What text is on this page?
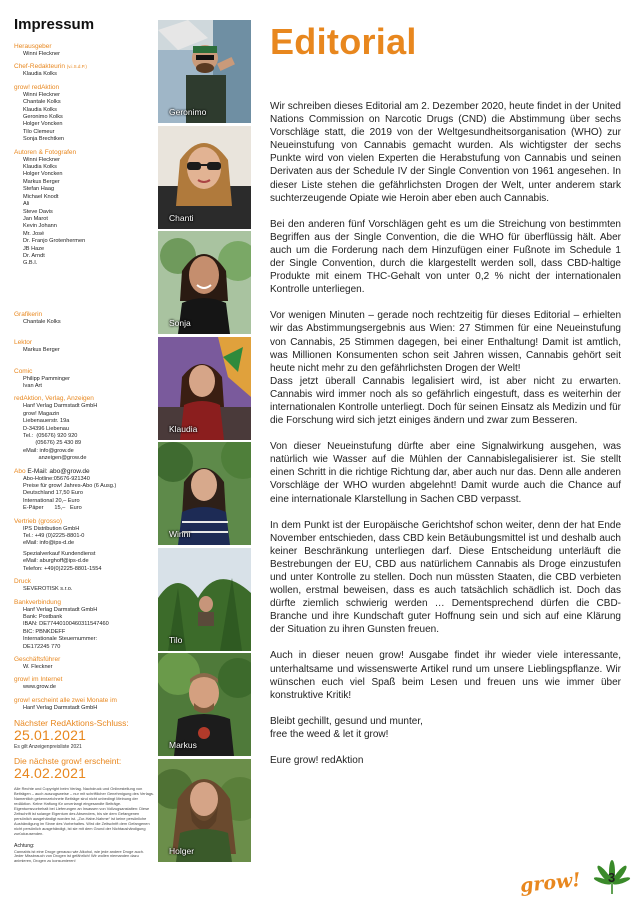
Impressum
Herausgeber
Winni Fleckner
Chef-Redakteurin (v.i.S.d.P.)
Klaudia Kolks
grow! redAktion
Winni Fleckner
Chantale Kolks
Klaudia Kolks
Geronimo Kolks
Holger Voncken
Tilo Clemeur
Sonja Brechtken
Autoren & Fotografen
Winni Fleckner
Klaudia Kolks
Holger Voncken
Markus Berger
Stefan Haag
Michael Knodt
Ali
Steve Davis
Jan Marot
Kevin Johann
Mr. José
Dr. Franjo Grotenhermen
JB Haze
Dr. Arndt
G.B.I.
Grafikerin
Chantale Kolks
Lektor
Markus Berger
Comic
Philipp Pamminger
Ivan Art
redAktion, Verlag, Anzeigen
Hanf Verlag Darmstadt GmbH
grow! Magazin
Liebenauerstr. 19a
D-34396 Liebenau
Tel.:  (05676) 920 920
(05676) 25 430 89
eMail: info@grow.de
anzeigen@grow.de
Abo E-Mail: abo@grow.de
Abo-Hotline:05676-921340
Preise für grow! Jahres-Abo (6 Ausg.)
Deutschland 17,50 Euro
International 20,– Euro
E-Päper       15,–   Euro
Vertrieb (grosso)
IPS Distribution GmbH
Tel.: +49 (0)2225-8801-0
eMail: info@ips-d.de
Spezialverkauf Kundendienst
eMail: aburghoff@ips-d.de
Telefon: +49(0)2225-8801-1554
Druck
SEVEROTISK s.r.o.
Bankverbindung
Hanf Verlag Darmstadt GmbH
Bank: Postbank
IBAN: DE77440100460311547460
BIC: PBNKDEFF
Internationale Steuernummer:
DE172245 770
Geschäftsführer
W. Fleckner
grow! im Internet
www.grow.de
grow! erscheint alle zwei Monate im
Hanf Verlag Darmstadt GmbH
Nächster RedAktions-Schluss:
25.01.2021
Es gilt Anzeigenpreisliste 2021
Die nächste grow! erscheint:
24.02.2021
Alle Rechte und Copyright beim Verlag. Nachdruck und Onlinestellung von Beiträgen – auch auszugsweise – nur mit schriftlicher Genehmigung des Verlags. Namentlich gekennzeichnete Beiträge sind nicht unbedingt Meinung der redAktion. Keine Haftung für unverlangt eingesandte Beiträge. Eigentumsvorbehalt bei Lieferungen an Insassen von Vollzugsanstalten: Diese Zeitschrift ist solange Eigentum des Absenders, bis sie dem Gefangenen persönlich ausgehändigt worden ist. „Zur-Habe-Nahme“ ist keine persönliche Aushändigung im Sinne des Vorbehaltes. Wird die Zeitschrift dem Gefangenen nicht persönlich ausgehändigt, ist sie mit dem Grund der Nichtaushändigung zurückzusenden.
Achtung:
Cannabis ist eine Droge genauso wie Alkohol, wie jede andere Droge auch. Jeder Missbrauch von Drogen ist gefährlich! Wir wollen niemanden dazu animieren, Drogen zu konsumieren!
Geronimo
Chanti
Sonja
Klaudia
Winni
Tilo
Markus
Holger
Editorial

Wir schreiben dieses Editorial am 2. Dezember 2020, heute findet in der United Nations Commission on Narcotic Drugs (CND) die Abstimmung über sechs Vorschläge statt, die 2019 von der Weltgesundheitsorganisation (WHO) zur Neueinstufung von Cannabis gemacht wurden. Als wichtigster der sechs Punkte wird von vielen Experten die Herabstufung von Cannabis und seinen Derivaten aus der Schedule IV der Single Convention von 1961 angesehen. In dieser Liste stehen die gefährlichsten Drogen der Welt, unter anderem stark suchterzeugende Opiate wie Heroin aber eben auch Cannabis.

Bei den anderen fünf Vorschlägen geht es um die Streichung von bestimmten Begriffen aus der Single Convention, die die WHO für überflüssig hält. Aber auch um die Forderung nach dem Hinzufügen einer Fußnote im Schedule 1 der Single Convention, durch die klargestellt werden soll, dass CBD-haltige Produkte mit einem THC-Gehalt von unter 0,2 % nicht der internationalen Kontrolle unterliegen.

Vor wenigen Minuten – gerade noch rechtzeitig für dieses Editorial – erhielten wir das Abstimmungsergebnis aus Wien: 27 Stimmen für eine Neueinstufung von Cannabis, 25 Stimmen dagegen, bei einer Enthaltung! Damit ist amtlich, was Millionen Konsumenten schon seit Jahren wissen, Cannabis gehört seit heute nicht mehr zu den gefährlichsten Drogen der Welt!

Dass jetzt überall Cannabis legalisiert wird, ist aber nicht zu erwarten. Cannabis wird immer noch als so gefährlich eingestuft, dass es weiterhin der internationalen Kontrolle unterliegt. Doch für seinen Einsatz als Medizin und für die Forschung wird sich jetzt einiges ändern und zwar zum Besseren.

Von dieser Neueinstufung dürfte aber eine Signalwirkung ausgehen, was natürlich wie Wasser auf die Mühlen der Cannabislegalisierer ist. Sie stellt einen Schritt in die richtige Richtung dar, aber auch nur das. Denn alle anderen Vorschläge der WHO wurden abgelehnt! Damit wurde auch die Chance auf eine internationale Klarstellung in Sachen CBD verpasst.

In dem Punkt ist der Europäische Gerichtshof schon weiter, denn der hat Ende November entschieden, dass CBD kein Betäubungsmittel ist und deshalb auch keiner Beschränkung unterliegen darf. Diese Entscheidung unterläuft die Bestrebungen der EU, CBD aus natürlichem Cannabis als Droge einzustufen und unter Kontrolle zu stellen. Doch nun müssten Staaten, die CBD verbieten wollen, erstmal beweisen, dass es auch tatsächlich schädlich ist. Doch das dürfte ziemlich schwierig werden … Dementsprechend dürfen die CBD-Branche und ihre Kundschaft guter Hoffnung sein und sich auf eine Klärung der Situation zu ihren Gunsten freuen.

Auch in dieser neuen grow! Ausgabe findet ihr wieder viele interessante, unterhaltsame und wissenswerte Artikel rund um unsere Lieblingspflanze. Wir wünschen euch viel Spaß beim Lesen und freuen uns wie immer über konstruktive Kritik!

Bleibt gechillt, gesund und munter,
free the weed & let it grow!
Eure grow! redAktion
grow! 3
